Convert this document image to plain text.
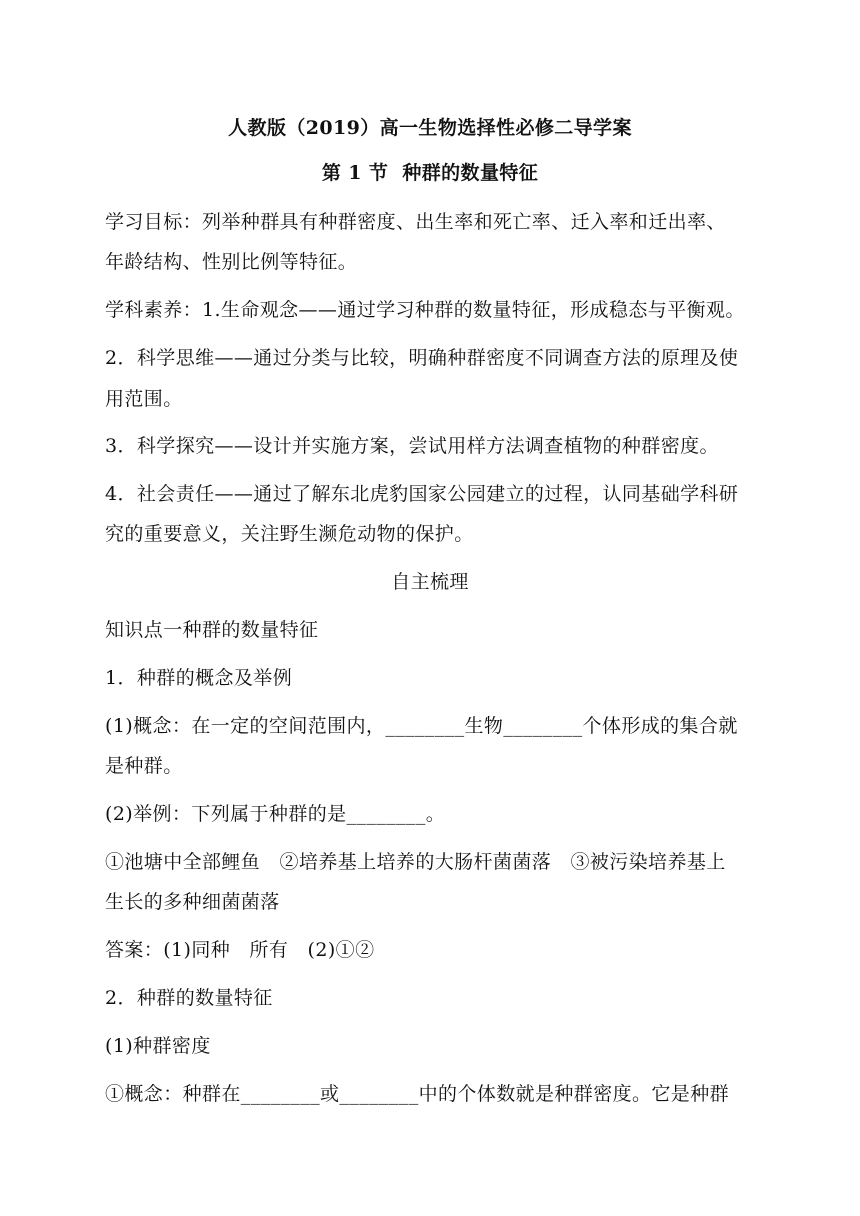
人教版（2019）高一生物选择性必修二导学案
第 1 节  种群的数量特征
学习目标：列举种群具有种群密度、出生率和死亡率、迁入率和迁出率、
年龄结构、性别比例等特征。
学科素养：1.生命观念——通过学习种群的数量特征，形成稳态与平衡观。
2．科学思维——通过分类与比较，明确种群密度不同调查方法的原理及使
用范围。
3．科学探究——设计并实施方案，尝试用样方法调查植物的种群密度。
4．社会责任——通过了解东北虎豹国家公园建立的过程，认同基础学科研
究的重要意义，关注野生濒危动物的保护。
自主梳理
知识点一种群的数量特征
1．种群的概念及举例
(1)概念：在一定的空间范围内，________生物________个体形成的集合就
是种群。
(2)举例：下列属于种群的是________。
①池塘中全部鲤鱼   ②培养基上培养的大肠杆菌菌落   ③被污染培养基上
生长的多种细菌菌落
答案：(1)同种   所有   (2)①②
2．种群的数量特征
(1)种群密度
①概念：种群在________或________中的个体数就是种群密度。它是种群
